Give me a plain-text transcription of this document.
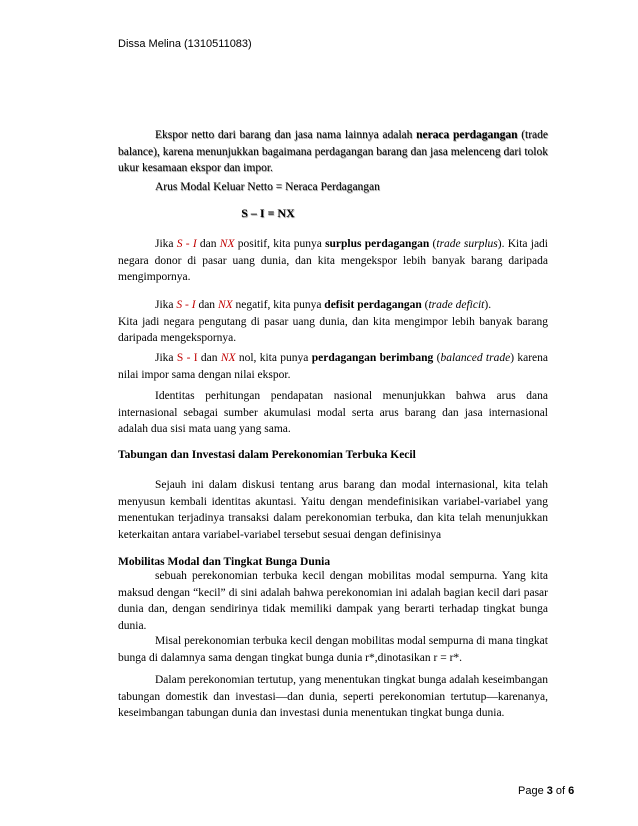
Dissa Melina (1310511083)

Ekspor netto dari barang dan jasa nama lainnya adalah neraca perdagangan (trade balance), karena menunjukkan bagaimana perdagangan barang dan jasa melenceng dari tolok ukur kesamaan ekspor dan impor.

Arus Modal Keluar Netto = Neraca Perdagangan

S – I = NX

Jika S - I dan NX positif, kita punya surplus perdagangan (trade surplus). Kita jadi negara donor di pasar uang dunia, dan kita mengekspor lebih banyak barang daripada mengimpornya.

Jika S - I dan NX negatif, kita punya defisit perdagangan (trade deficit).

Kita jadi negara pengutang di pasar uang dunia, dan kita mengimpor lebih banyak barang daripada mengekspornya.

Jika S - I dan NX nol, kita punya perdagangan berimbang (balanced trade) karena nilai impor sama dengan nilai ekspor.

Identitas perhitungan pendapatan nasional menunjukkan bahwa arus dana internasional sebagai sumber akumulasi modal serta arus barang dan jasa internasional adalah dua sisi mata uang yang sama.

Tabungan dan Investasi dalam Perekonomian Terbuka Kecil

Sejauh ini dalam diskusi tentang arus barang dan modal internasional, kita telah menyusun kembali identitas akuntasi. Yaitu dengan mendefinisikan variabel-variabel yang menentukan terjadinya transaksi dalam perekonomian terbuka, dan kita telah menunjukkan keterkaitan antara variabel-variabel tersebut sesuai dengan definisinya

Mobilitas Modal dan Tingkat Bunga Dunia

sebuah perekonomian terbuka kecil dengan mobilitas modal sempurna. Yang kita maksud dengan “kecil” di sini adalah bahwa perekonomian ini adalah bagian kecil dari pasar dunia dan, dengan sendirinya tidak memiliki dampak yang berarti terhadap tingkat bunga dunia.

Misal perekonomian terbuka kecil dengan mobilitas modal sempurna di mana tingkat bunga di dalamnya sama dengan tingkat bunga dunia r*,dinotasikan r = r*.

Dalam perekonomian tertutup, yang menentukan tingkat bunga adalah keseimbangan tabungan domestik dan investasi—dan dunia, seperti perekonomian tertutup—karenanya, keseimbangan tabungan dunia dan investasi dunia menentukan tingkat bunga dunia.

Page 3 of 6
